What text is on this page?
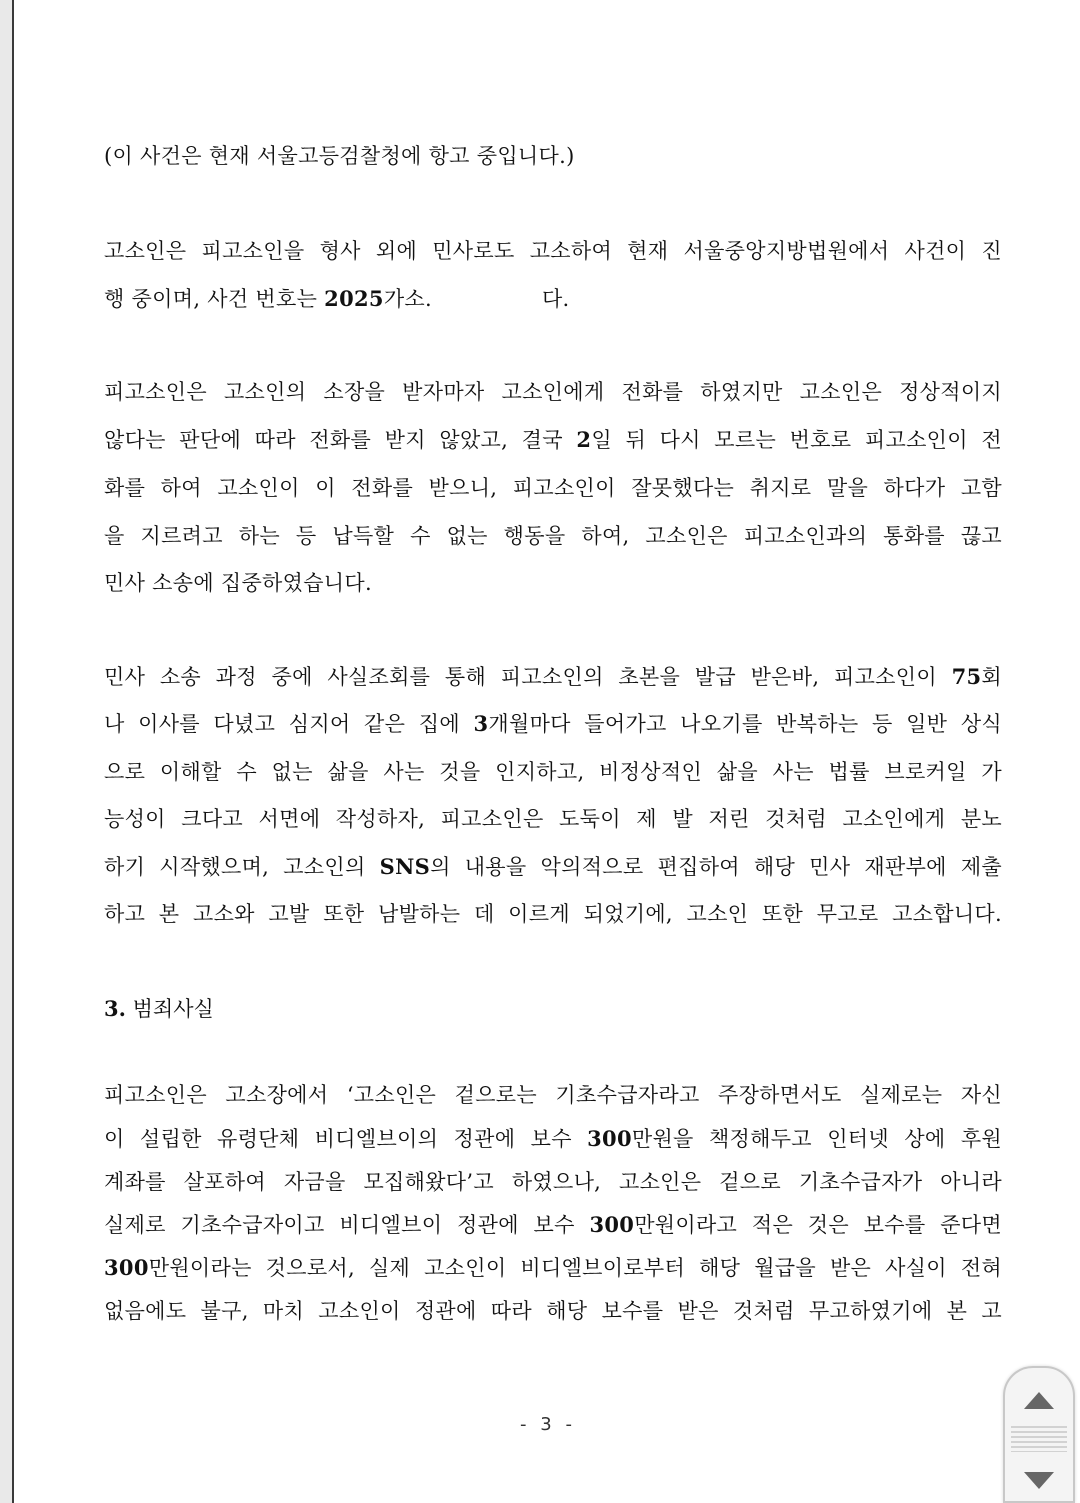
(이 사건은 현재 서울고등검찰청에 항고 중입니다.)
고소인은 피고소인을 형사 외에 민사로도 고소하여 현재 서울중앙지방법원에서 사건이 진
행 중이며, 사건 번호는 2025가소.	다.
피고소인은 고소인의 소장을 받자마자 고소인에게 전화를 하였지만 고소인은 정상적이지
않다는 판단에 따라 전화를 받지 않았고, 결국 2일 뒤 다시 모르는 번호로 피고소인이 전
화를 하여 고소인이 이 전화를 받으니, 피고소인이 잘못했다는 취지로 말을 하다가 고함
을 지르려고 하는 등 납득할 수 없는 행동을 하여, 고소인은 피고소인과의 통화를 끊고
민사 소송에 집중하였습니다.
민사 소송 과정 중에 사실조회를 통해 피고소인의 초본을 발급 받은바, 피고소인이 75회
나 이사를 다녔고 심지어 같은 집에 3개월마다 들어가고 나오기를 반복하는 등 일반 상식
으로 이해할 수 없는 삶을 사는 것을 인지하고, 비정상적인 삶을 사는 법률 브로커일 가
능성이 크다고 서면에 작성하자, 피고소인은 도둑이 제 발 저린 것처럼 고소인에게 분노
하기 시작했으며, 고소인의 SNS의 내용을 악의적으로 편집하여 해당 민사 재판부에 제출
하고 본 고소와 고발 또한 남발하는 데 이르게 되었기에, 고소인 또한 무고로 고소합니다.
3. 범죄사실
피고소인은 고소장에서 ‘고소인은 겉으로는 기초수급자라고 주장하면서도 실제로는 자신
이 설립한 유령단체 비디엘브이의 정관에 보수 300만원을 책정해두고 인터넷 상에 후원
계좌를 살포하여 자금을 모집해왔다’고 하였으나, 고소인은 겉으로 기초수급자가 아니라
실제로 기초수급자이고 비디엘브이 정관에 보수 300만원이라고 적은 것은 보수를 준다면
300만원이라는 것으로서, 실제 고소인이 비디엘브이로부터 해당 월급을 받은 사실이 전혀
없음에도 불구, 마치 고소인이 정관에 따라 해당 보수를 받은 것처럼 무고하였기에 본 고
- 3 -
